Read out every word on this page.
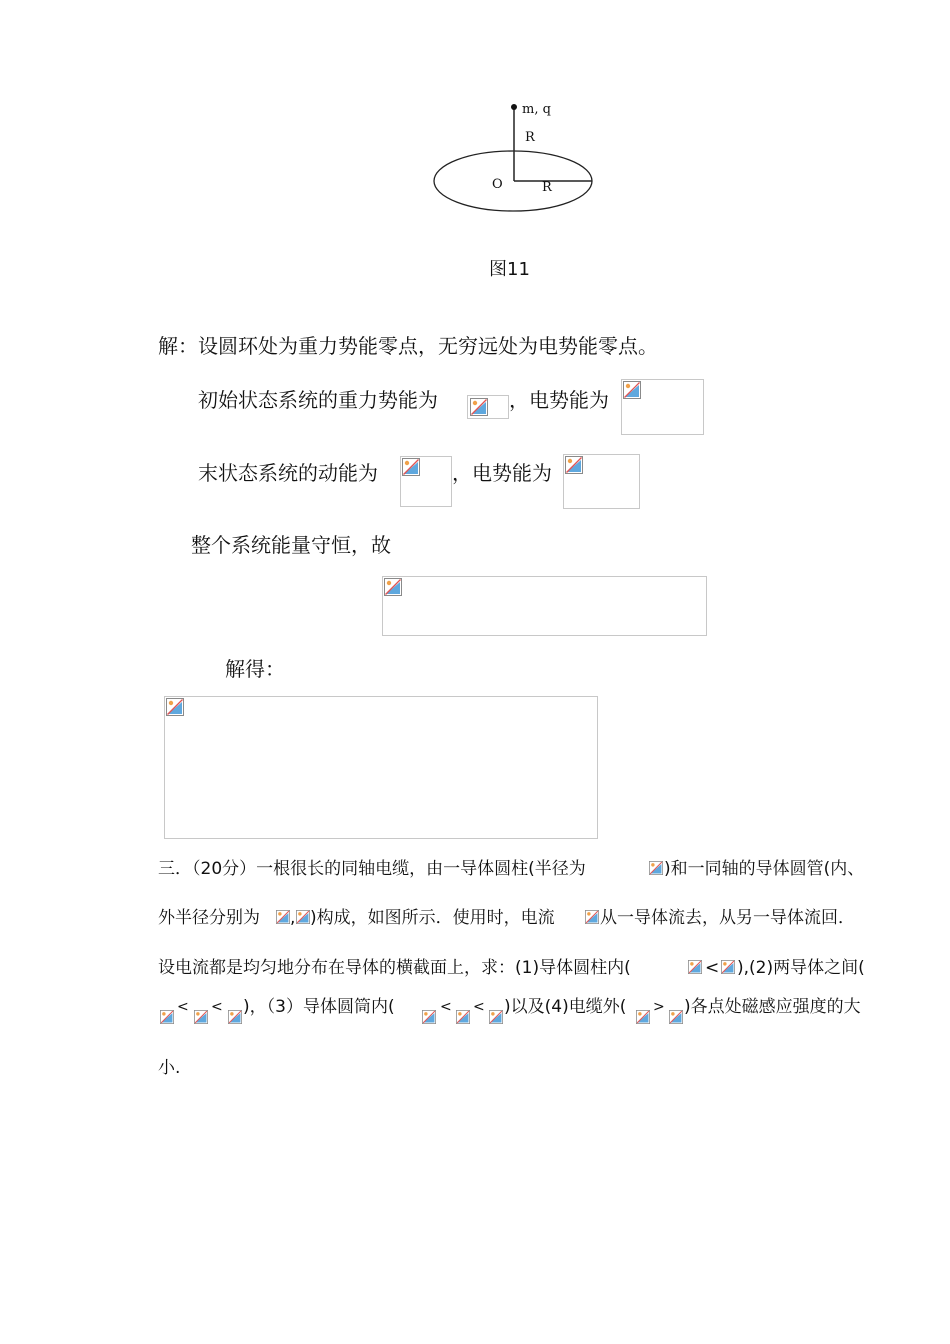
m, q
R
O	R
图11
解：设圆环处为重力势能零点，无穷远处为电势能零点。
初始状态系统的重力势能为	，电势能为
末状态系统的动能为	，电势能为
整个系统能量守恒，故
解得：
三．（20分）一根很长的同轴电缆，由一导体圆柱(半径为	)和一同轴的导体圆管(内、
外半径分别为 , )构成，如图所示．使用时，电流	从一导体流去，从另一导体流回．
设电流都是均匀地分布在导体的横截面上，求：(1)导体圆柱内(	< ),(2)两导体之间(
< < )，（3）导体圆筒内(	< < )以及(4)电缆外( > )各点处磁感应强度的大
小.
